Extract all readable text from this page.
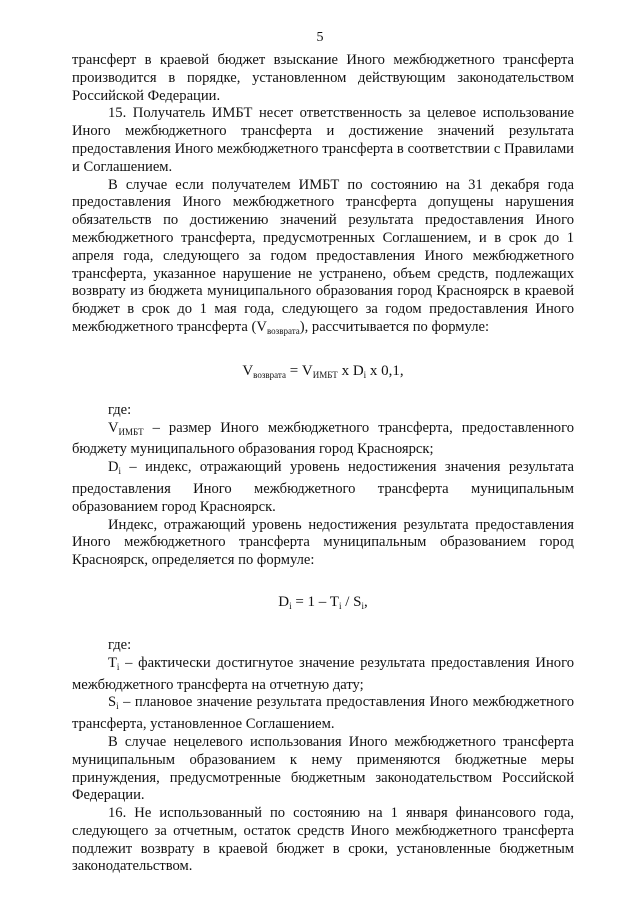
5

трансферт в краевой бюджет взыскание Иного межбюджетного трансферта производится в порядке, установленном действующим законодательством Российской Федерации.

15. Получатель ИМБТ несет ответственность за целевое использование Иного межбюджетного трансферта и достижение значений результата предоставления Иного межбюджетного трансферта в соответствии с Правилами и Соглашением.

В случае если получателем ИМБТ по состоянию на 31 декабря года предоставления Иного межбюджетного трансферта допущены нарушения обязательств по достижению значений результата предоставления Иного межбюджетного трансферта, предусмотренных Соглашением, и в срок до 1 апреля года, следующего за годом предоставления Иного межбюджетного трансферта, указанное нарушение не устранено, объем средств, подлежащих возврату из бюджета муниципального образования город Красноярск в краевой бюджет в срок до 1 мая года, следующего за годом предоставления Иного межбюджетного трансферта $(V_{возврата})$, рассчитывается по формуле:

$V_{возврата} = V_{ИМБТ}$ x $D_i$ x 0,1,
где:

$V_{ИМБТ}$ – размер Иного межбюджетного трансферта, предоставленного бюджету муниципального образования город Красноярск;

$D_i$ – индекс, отражающий уровень недостижения значения результата предоставления Иного межбюджетного трансферта муниципальным образованием город Красноярск.

Индекс, отражающий уровень недостижения результата предоставления Иного межбюджетного трансферта муниципальным образованием город Красноярск, определяется по формуле:

$D_i = 1 - T_i / S_i$,
где:

$T_i$ – фактически достигнутое значение результата предоставления Иного межбюджетного трансферта на отчетную дату;

$S_i$ – плановое значение результата предоставления Иного межбюджетного трансферта, установленное Соглашением.

В случае нецелевого использования Иного межбюджетного трансферта муниципальным образованием к нему применяются бюджетные меры принуждения, предусмотренные бюджетным законодательством Российской Федерации.

16. Не использованный по состоянию на 1 января финансового года, следующего за отчетным, остаток средств Иного межбюджетного трансферта подлежит возврату в краевой бюджет в сроки, установленные бюджетным законодательством.
